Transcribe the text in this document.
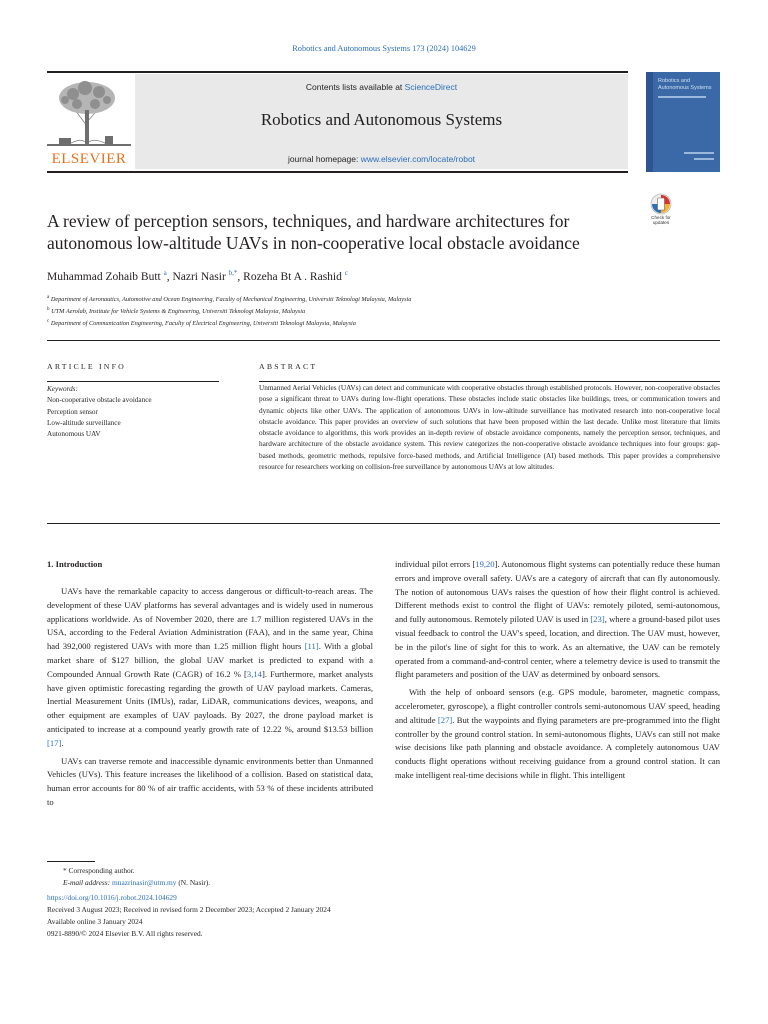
Robotics and Autonomous Systems 173 (2024) 104629
ELSEVIER
Contents lists available at ScienceDirect
Robotics and Autonomous Systems
journal homepage: www.elsevier.com/locate/robot
Robotics and
Autonomous Systems
Check for updates
A review of perception sensors, techniques, and hardware architectures for autonomous low-altitude UAVs in non-cooperative local obstacle avoidance
Muhammad Zohaib Butt $^a$, Nazri Nasir $^{b,*}$, Rozeha Bt A . Rashid $^c$
$^a$ Department of Aeronautics, Automotive and Ocean Engineering, Faculty of Mechanical Engineering, Universiti Teknologi Malaysia, Malaysia
$^b$ UTM Aerolab, Institute for Vehicle Systems & Engineering, Universiti Teknologi Malaysia, Malaysia
$^c$ Department of Communication Engineering, Faculty of Electrical Engineering, Universiti Teknologi Malaysia, Malaysia
ARTICLE INFO	ABSTRACT
Keywords:
Non-cooperative obstacle avoidance
Perception sensor
Low-altitude surveillance
Autonomous UAV
Unmanned Aerial Vehicles (UAVs) can detect and communicate with cooperative obstacles through established protocols. However, non-cooperative obstacles pose a significant threat to UAVs during low-flight operations. These obstacles include static obstacles like buildings, trees, or communication towers and dynamic objects like other UAVs. The application of autonomous UAVs in low-altitude surveillance has motivated research into non-cooperative local obstacle avoidance. This paper provides an overview of such solutions that have been proposed within the last decade. Unlike most literature that limits obstacle avoidance to algorithms, this work provides an in-depth review of obstacle avoidance components, namely the perception sensor, techniques, and hardware architecture of the obstacle avoidance system. This review categorizes the non-cooperative obstacle avoidance techniques into four groups: gap-based methods, geometric methods, repulsive force-based methods, and Artificial Intelligence (AI) based methods. This paper provides a comprehensive resource for researchers working on collision-free surveillance by autonomous UAVs at low altitudes.
1. Introduction

UAVs have the remarkable capacity to access dangerous or difficult-to-reach areas. The development of these UAV platforms has several advantages and is widely used in numerous applications worldwide. As of November 2020, there are 1.7 million registered UAVs in the USA, according to the Federal Aviation Administration (FAA), and in the same year, China had 392,000 registered UAVs with more than 1.25 million flight hours [11]. With a global market share of $127 billion, the global UAV market is predicted to expand with a Compounded Annual Growth Rate (CAGR) of 16.2 % [3,14]. Furthermore, market analysts have given optimistic forecasting regarding the growth of UAV payload markets. Cameras, Inertial Measurement Units (IMUs), radar, LiDAR, communications devices, weapons, and other equipment are examples of UAV payloads. By 2027, the drone payload market is anticipated to increase at a compound yearly growth rate of 12.22 %, around $13.53 billion [17].

UAVs can traverse remote and inaccessible dynamic environments better than Unmanned Vehicles (UVs). This feature increases the likelihood of a collision. Based on statistical data, human error accounts for 80 % of air traffic accidents, with 53 % of these incidents attributed to

individual pilot errors [19,20]. Autonomous flight systems can potentially reduce these human errors and improve overall safety. UAVs are a category of aircraft that can fly autonomously. The notion of autonomous UAVs raises the question of how their flight control is achieved. Different methods exist to control the flight of UAVs: remotely piloted, semi-autonomous, and fully autonomous. Remotely piloted UAV is used in [23], where a ground-based pilot uses visual feedback to control the UAV's speed, location, and direction. The UAV must, however, be in the pilot's line of sight for this to work. As an alternative, the UAV can be remotely operated from a command-and-control center, where a telemetry device is used to transmit the flight parameters and position of the UAV as determined by onboard sensors.

With the help of onboard sensors (e.g. GPS module, barometer, magnetic compass, accelerometer, gyroscope), a flight controller controls semi-autonomous UAV speed, heading and altitude [27]. But the waypoints and flying parameters are pre-programmed into the flight controller by the ground control station. In semi-autonomous flights, UAVs can still not make wise decisions like path planning and obstacle avoidance. A completely autonomous UAV conducts flight operations without receiving guidance from a ground control station. It can make intelligent real-time decisions while in flight. This intelligent

* Corresponding author.
E-mail address: mnazrinasir@utm.my (N. Nasir).
https://doi.org/10.1016/j.robot.2024.104629
Received 3 August 2023; Received in revised form 2 December 2023; Accepted 2 January 2024
Available online 3 January 2024
0921-8890/© 2024 Elsevier B.V. All rights reserved.
